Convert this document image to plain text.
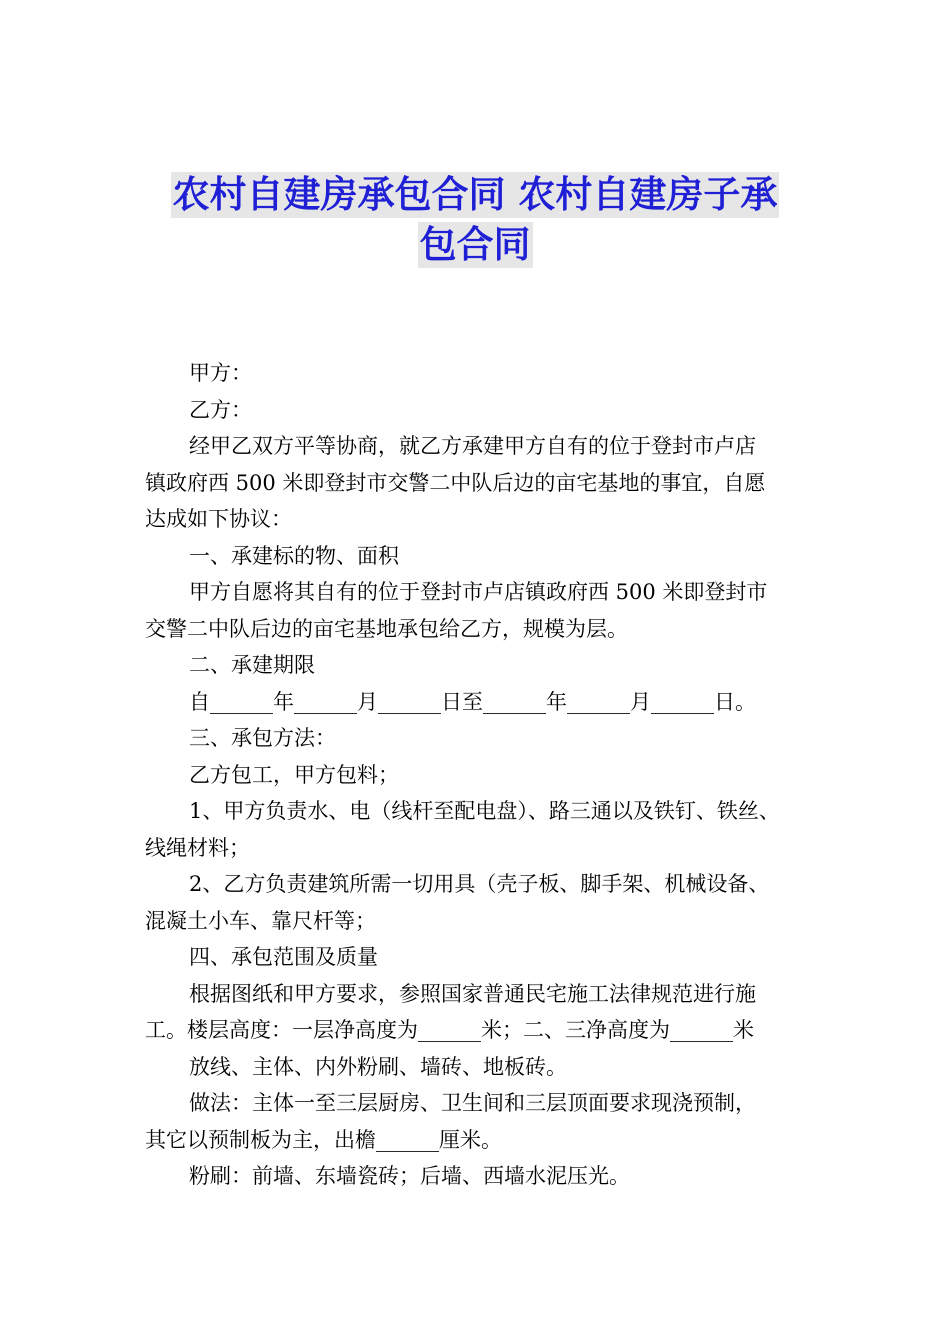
农村自建房承包合同 农村自建房子承
包合同
甲方：
乙方：
经甲乙双方平等协商，就乙方承建甲方自有的位于登封市卢店
镇政府西 500 米即登封市交警二中队后边的亩宅基地的事宜，自愿
达成如下协议：
一、承建标的物、面积
甲方自愿将其自有的位于登封市卢店镇政府西 500 米即登封市
交警二中队后边的亩宅基地承包给乙方，规模为层。
二、承建期限
自______年______月______日至______年______月______日。
三、承包方法：
乙方包工，甲方包料；
1、甲方负责水、电（线杆至配电盘）、路三通以及铁钉、铁丝、
线绳材料；
2、乙方负责建筑所需一切用具（壳子板、脚手架、机械设备、
混凝土小车、靠尺杆等；
四、承包范围及质量
根据图纸和甲方要求，参照国家普通民宅施工法律规范进行施
工。楼层高度：一层净高度为______米；二、三净高度为______米
放线、主体、内外粉刷、墙砖、地板砖。
做法：主体一至三层厨房、卫生间和三层顶面要求现浇预制，
其它以预制板为主，出檐______厘米。
粉刷：前墙、东墙瓷砖；后墙、西墙水泥压光。
